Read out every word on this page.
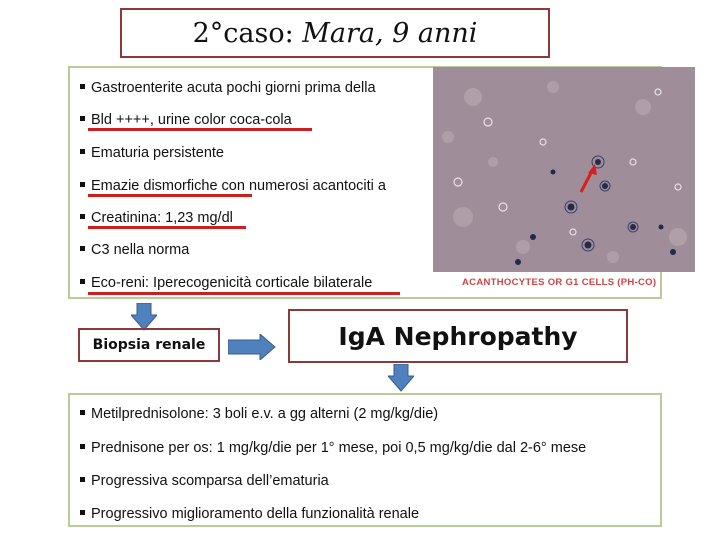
2°caso: Mara, 9 anni
Gastroenterite acuta pochi giorni prima della
Bld ++++, urine color coca-cola
Ematuria persistente
Emazie dismorfiche con numerosi acantociti a
Creatinina: 1,23 mg/dl
C3 nella norma
Eco-reni: Iperecogenicità corticale bilaterale	ACANTHOCYTES OR G1 CELLS (PH-CO)
Biopsia renale	IgA Nephropathy
Metilprednisolone: 3 boli e.v. a gg alterni (2 mg/kg/die)
Prednisone per os: 1 mg/kg/die per 1° mese, poi 0,5 mg/kg/die dal 2-6° mese
Progressiva scomparsa dell’ematuria
Progressivo miglioramento della funzionalità renale
